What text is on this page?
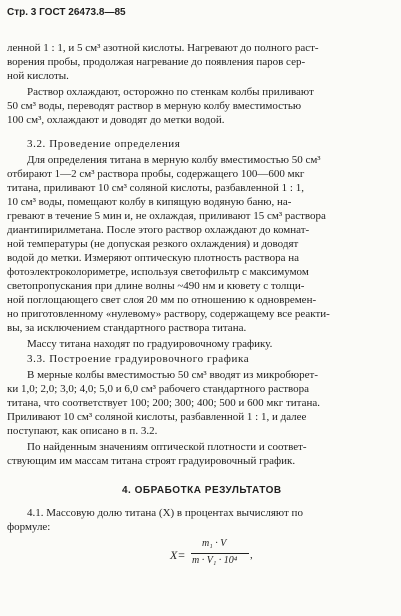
Стр. 3 ГОСТ 26473.8—85
ленной 1 : 1, и 5 см³ азотной кислоты. Нагревают до полного раст-
ворения пробы, продолжая нагревание до появления паров сер-
ной кислоты.
Раствор охлаждают, осторожно по стенкам колбы приливают
50 см³ воды, переводят раствор в мерную колбу вместимостью
100 см³, охлаждают и доводят до метки водой.
3.2. Проведение определения
Для определения титана в мерную колбу вместимостью 50 см³
отбирают 1—2 см³ раствора пробы, содержащего 100—600 мкг
титана, приливают 10 см³ соляной кислоты, разбавленной 1 : 1,
10 см³ воды, помещают колбу в кипящую водяную баню, на-
гревают в течение 5 мин и, не охлаждая, приливают 15 см³ раствора
диантипирилметана. После этого раствор охлаждают до комнат-
ной температуры (не допуская резкого охлаждения) и доводят
водой до метки. Измеряют оптическую плотность раствора на
фотоэлектроколориметре, используя светофильтр с максимумом
светопропускания при длине волны ~490 нм и кювету с толщи-
ной поглощающего свет слоя 20 мм по отношению к одновремен-
но приготовленному «нулевому» раствору, содержащему все реакти-
вы, за исключением стандартного раствора титана.
Массу титана находят по градуировочному графику.
3.3. Построение градуировочного графика
В мерные колбы вместимостью 50 см³ вводят из микробюрет-
ки 1,0; 2,0; 3,0; 4,0; 5,0 и 6,0 см³ рабочего стандартного раствора
титана, что соответствует 100; 200; 300; 400; 500 и 600 мкг титана.
Приливают 10 см³ соляной кислоты, разбавленной 1 : 1, и далее
поступают, как описано в п. 3.2.
По найденным значениям оптической плотности и соответ-
ствующим им массам титана строят градуировочный график.
4. ОБРАБОТКА РЕЗУЛЬТАТОВ
4.1. Массовую долю титана (X) в процентах вычисляют по
формуле:
X=
m₁ · V
m · V₁ · 10⁴ ,
